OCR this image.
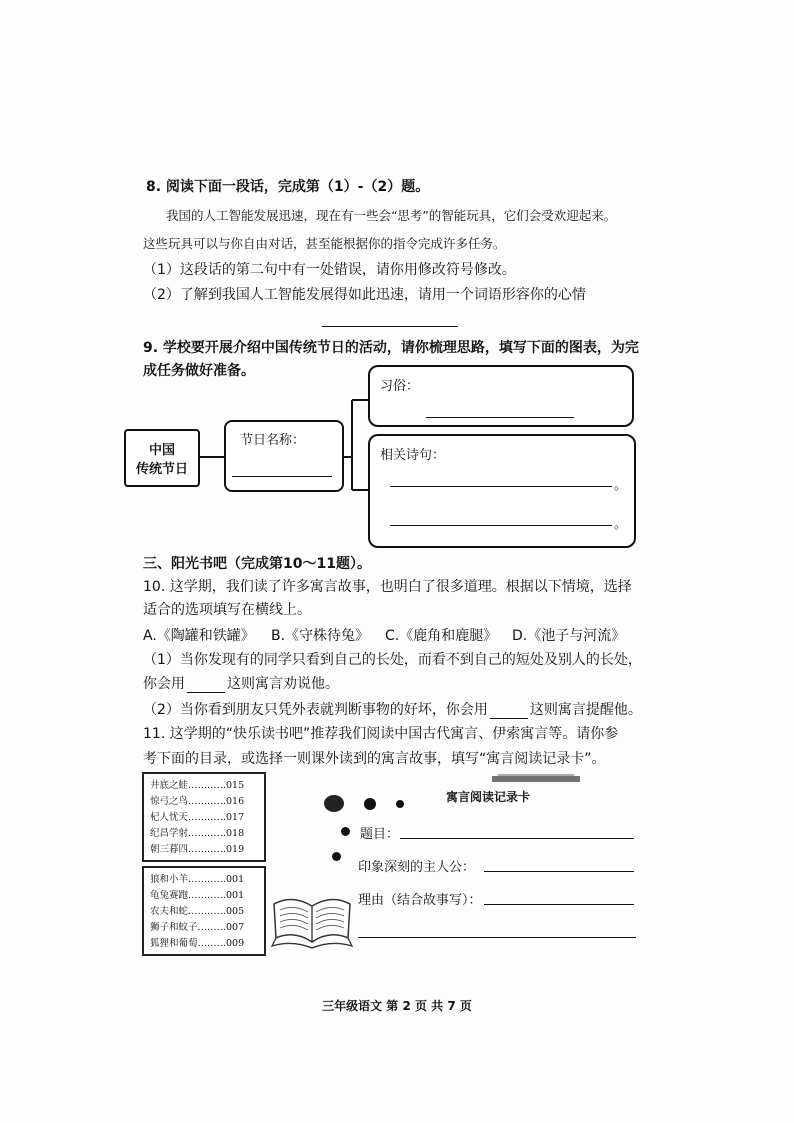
8. 阅读下面一段话，完成第（1）-（2）题。
我国的人工智能发展迅速，现在有一些会“思考”的智能玩具，它们会受欢迎起来。
这些玩具可以与你自由对话，甚至能根据你的指令完成许多任务。
（1）这段话的第二句中有一处错误，请你用修改符号修改。
（2）了解到我国人工智能发展得如此迅速，请用一个词语形容你的心情
9. 学校要开展介绍中国传统节日的活动，请你梳理思路，填写下面的图表，为完
成任务做好准备。
中国
传统节日
节日名称：
习俗：
相关诗句：
。
。
三、阳光书吧（完成第10～11题）。
10. 这学期，我们读了许多寓言故事，也明白了很多道理。根据以下情境，选择
适合的选项填写在横线上。
A.《陶罐和铁罐》 B.《守株待兔》 C.《鹿角和鹿腿》 D.《池子与河流》
（1）当你发现有的同学只看到自己的长处，而看不到自己的短处及别人的长处，
你会用	这则寓言劝说他。
（2）当你看到朋友只凭外表就判断事物的好坏，你会用	这则寓言提醒他。
11. 这学期的“快乐读书吧”推荐我们阅读中国古代寓言、伊索寓言等。请你参
考下面的目录，或选择一则课外读到的寓言故事，填写“寓言阅读记录卡”。
井底之蛙…………015
惊弓之鸟…………016
杞人忧天…………017
纪昌学射…………018
朝三暮四…………019
狼和小羊…………001
龟兔赛跑…………001
农夫和蛇…………005
狮子和蚊子………007
狐狸和葡萄………009
寓言阅读记录卡
题目：
印象深刻的主人公：
理由（结合故事写）：
三年级语文 第 2 页 共 7 页
